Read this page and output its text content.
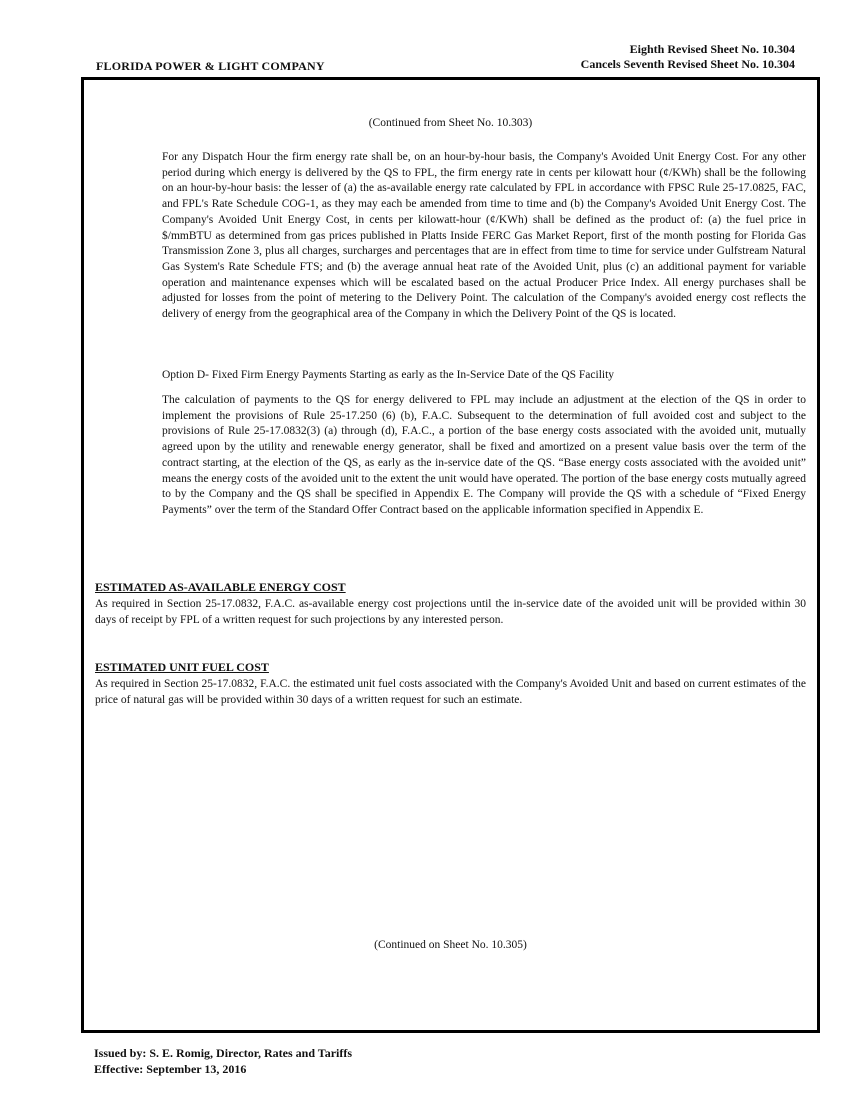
Eighth Revised Sheet No. 10.304
Cancels Seventh Revised Sheet No. 10.304
FLORIDA POWER & LIGHT COMPANY
(Continued from Sheet No. 10.303)
For any Dispatch Hour the firm energy rate shall be, on an hour-by-hour basis, the Company's Avoided Unit Energy Cost. For any other period during which energy is delivered by the QS to FPL, the firm energy rate in cents per kilowatt hour (¢/KWh) shall be the following on an hour-by-hour basis: the lesser of (a) the as-available energy rate calculated by FPL in accordance with FPSC Rule 25-17.0825, FAC, and FPL's Rate Schedule COG-1, as they may each be amended from time to time and (b) the Company's Avoided Unit Energy Cost. The Company's Avoided Unit Energy Cost, in cents per kilowatt-hour (¢/KWh) shall be defined as the product of: (a) the fuel price in $/mmBTU as determined from gas prices published in Platts Inside FERC Gas Market Report, first of the month posting for Florida Gas Transmission Zone 3, plus all charges, surcharges and percentages that are in effect from time to time for service under Gulfstream Natural Gas System's Rate Schedule FTS; and (b) the average annual heat rate of the Avoided Unit, plus (c) an additional payment for variable operation and maintenance expenses which will be escalated based on the actual Producer Price Index. All energy purchases shall be adjusted for losses from the point of metering to the Delivery Point. The calculation of the Company's avoided energy cost reflects the delivery of energy from the geographical area of the Company in which the Delivery Point of the QS is located.
Option D- Fixed Firm Energy Payments Starting as early as the In-Service Date of the QS Facility
The calculation of payments to the QS for energy delivered to FPL may include an adjustment at the election of the QS in order to implement the provisions of Rule 25-17.250 (6) (b), F.A.C. Subsequent to the determination of full avoided cost and subject to the provisions of Rule 25-17.0832(3) (a) through (d), F.A.C., a portion of the base energy costs associated with the avoided unit, mutually agreed upon by the utility and renewable energy generator, shall be fixed and amortized on a present value basis over the term of the contract starting, at the election of the QS, as early as the in-service date of the QS. “Base energy costs associated with the avoided unit” means the energy costs of the avoided unit to the extent the unit would have operated. The portion of the base energy costs mutually agreed to by the Company and the QS shall be specified in Appendix E. The Company will provide the QS with a schedule of “Fixed Energy Payments” over the term of the Standard Offer Contract based on the applicable information specified in Appendix E.
ESTIMATED AS-AVAILABLE ENERGY COST
As required in Section 25-17.0832, F.A.C. as-available energy cost projections until the in-service date of the avoided unit will be provided within 30 days of receipt by FPL of a written request for such projections by any interested person.
ESTIMATED UNIT FUEL COST
As required in Section 25-17.0832, F.A.C. the estimated unit fuel costs associated with the Company's Avoided Unit and based on current estimates of the price of natural gas will be provided within 30 days of a written request for such an estimate.
(Continued on Sheet No. 10.305)
Issued by: S. E. Romig, Director, Rates and Tariffs
Effective: September 13, 2016
